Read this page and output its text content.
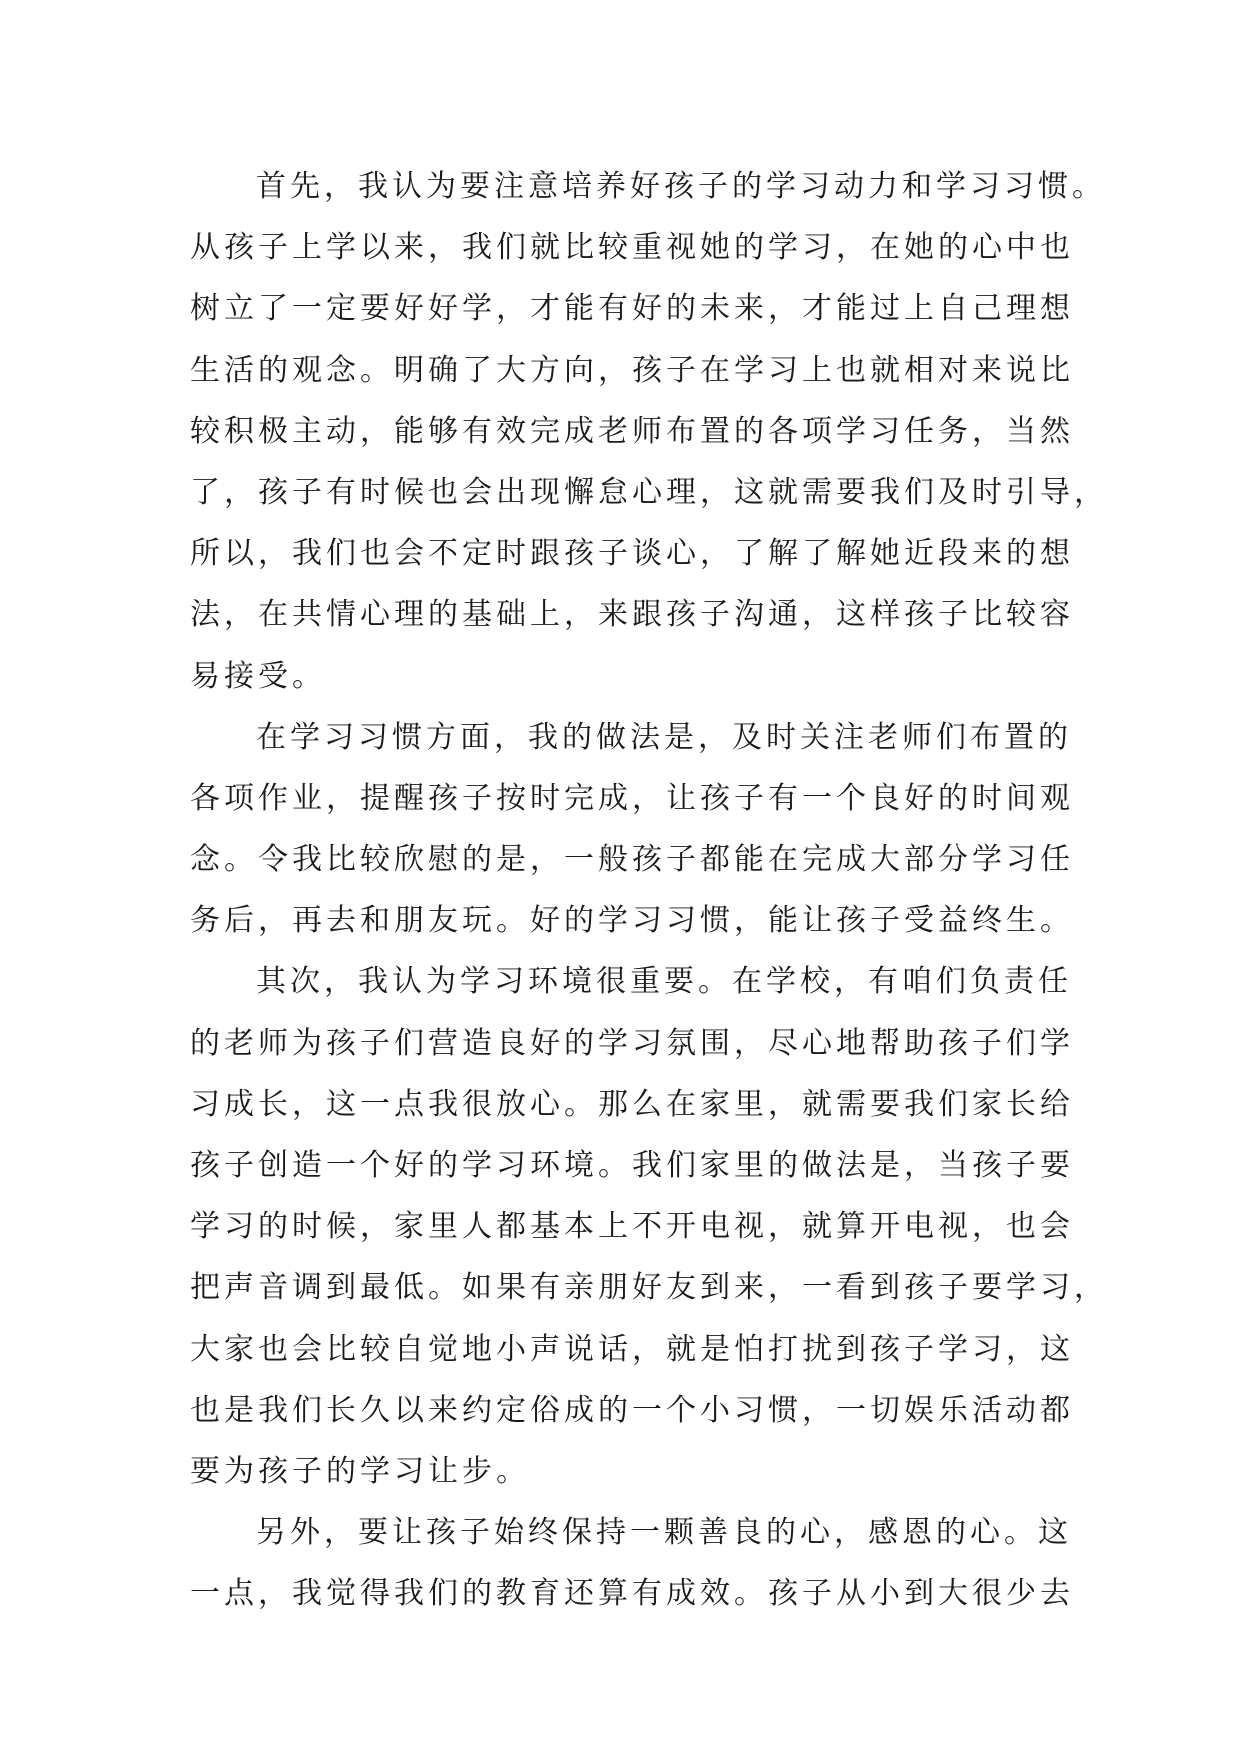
首先，我认为要注意培养好孩子的学习动力和学习习惯。
从孩子上学以来，我们就比较重视她的学习，在她的心中也
树立了一定要好好学，才能有好的未来，才能过上自己理想
生活的观念。明确了大方向，孩子在学习上也就相对来说比
较积极主动，能够有效完成老师布置的各项学习任务，当然
了，孩子有时候也会出现懈怠心理，这就需要我们及时引导，
所以，我们也会不定时跟孩子谈心，了解了解她近段来的想
法，在共情心理的基础上，来跟孩子沟通，这样孩子比较容
易接受。
在学习习惯方面，我的做法是，及时关注老师们布置的
各项作业，提醒孩子按时完成，让孩子有一个良好的时间观
念。令我比较欣慰的是，一般孩子都能在完成大部分学习任
务后，再去和朋友玩。好的学习习惯，能让孩子受益终生。
其次，我认为学习环境很重要。在学校，有咱们负责任
的老师为孩子们营造良好的学习氛围，尽心地帮助孩子们学
习成长，这一点我很放心。那么在家里，就需要我们家长给
孩子创造一个好的学习环境。我们家里的做法是，当孩子要
学习的时候，家里人都基本上不开电视，就算开电视，也会
把声音调到最低。如果有亲朋好友到来，一看到孩子要学习，
大家也会比较自觉地小声说话，就是怕打扰到孩子学习，这
也是我们长久以来约定俗成的一个小习惯，一切娱乐活动都
要为孩子的学习让步。
另外，要让孩子始终保持一颗善良的心，感恩的心。这
一点，我觉得我们的教育还算有成效。孩子从小到大很少去
